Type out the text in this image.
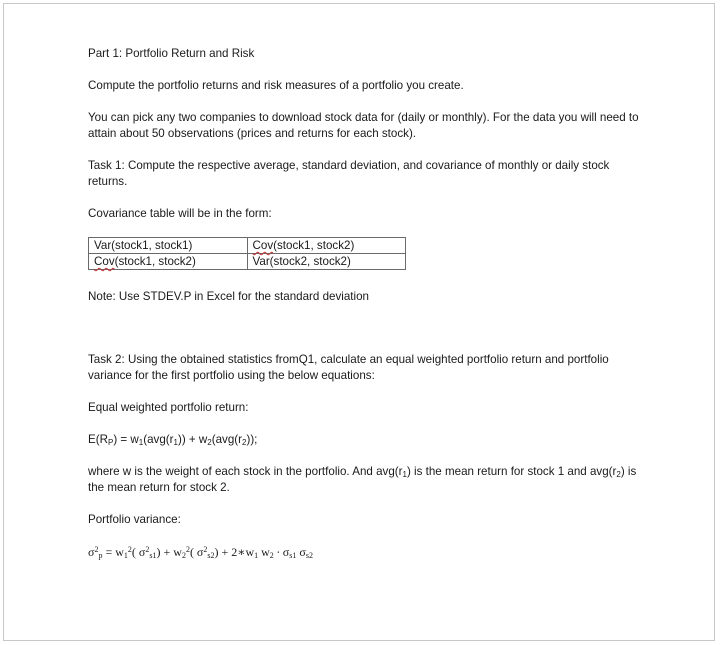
Part 1: Portfolio Return and Risk

Compute the portfolio returns and risk measures of a portfolio you create.

You can pick any two companies to download stock data for (daily or monthly). For the data you will need to attain about 50 observations (prices and returns for each stock).

Task 1: Compute the respective average, standard deviation, and covariance of monthly or daily stock returns.

Covariance table will be in the form:

Var(stock1, stock1)	Cov(stock1, stock2)
Cov(stock1, stock2)	Var(stock2, stock2)

Note: Use STDEV.P in Excel for the standard deviation

Task 2: Using the obtained statistics fromQ1, calculate an equal weighted portfolio return and portfolio variance for the first portfolio using the below equations:

Equal weighted portfolio return:

$E(R_P) = w_1(avg(r_1)) + w_2(avg(r_2))$;

where w is the weight of each stock in the portfolio. And $avg(r_1)$ is the mean return for stock 1 and $avg(r_2)$ is the mean return for stock 2.

Portfolio variance:

$\sigma^2_p = w_1^2$( $\sigma^2_{s1}) + w_2^2$( $\sigma^2_{s2}$) + $2∗w_1$ $w_2 \cdot \sigma_{s1}$ $\sigma_{s2}$
